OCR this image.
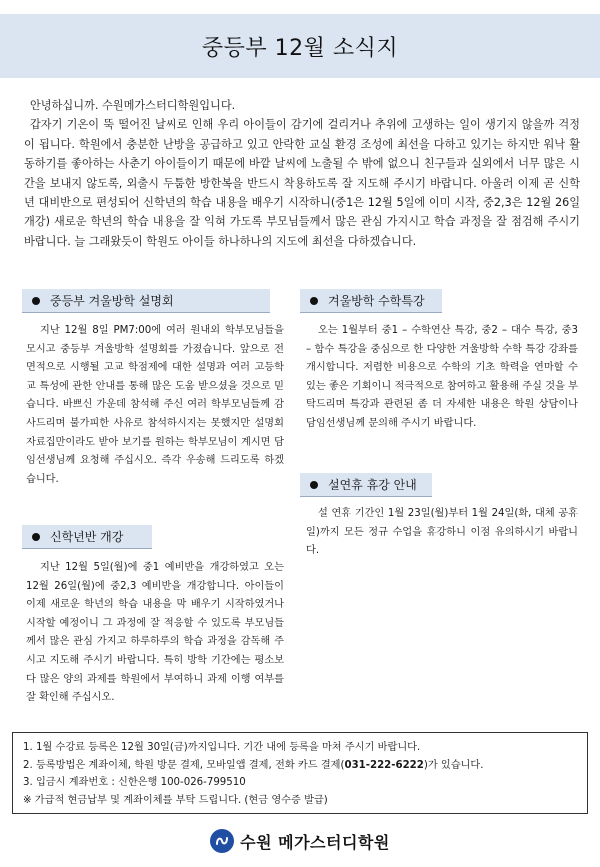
중등부 12월 소식지

안녕하십니까. 수원메가스터디학원입니다.

갑자기 기온이 뚝 떨어진 날씨로 인해 우리 아이들이 감기에 걸리거나 추위에 고생하는 일이 생기지 않을까 걱정이 됩니다. 학원에서 충분한 난방을 공급하고 있고 안락한 교실 환경 조성에 최선을 다하고 있기는 하지만 워낙 활동하기를 좋아하는 사춘기 아이들이기 때문에 바깥 날씨에 노출될 수 밖에 없으니 친구들과 실외에서 너무 많은 시간을 보내지 않도록, 외출시 두툼한 방한복을 반드시 착용하도록 잘 지도해 주시기 바랍니다. 아울러 이제 곧 신학년 대비반으로 편성되어 신학년의 학습 내용을 배우기 시작하니(중1은 12월 5일에 이미 시작, 중2,3은 12월 26일 개강) 새로운 학년의 학습 내용을 잘 익혀 가도록 부모님들께서 많은 관심 가지시고 학습 과정을 잘 점검해 주시기 바랍니다. 늘 그래왔듯이 학원도 아이들 하나하나의 지도에 최선을 다하겠습니다.

중등부 겨울방학 설명회
지난 12월 8일 PM7:00에 여러 원내외 학부모님들을 모시고 중등부 겨울방학 설명회를 가졌습니다. 앞으로 전면적으로 시행될 고교 학점제에 대한 설명과 여러 고등학교 특성에 관한 안내를 통해 많은 도움 받으셨을 것으로 믿습니다. 바쁘신 가운데 참석해 주신 여러 학부모님들께 감사드리며 불가피한 사유로 참석하시지는 못했지만 설명회 자료집만이라도 받아 보기를 원하는 학부모님이 계시면 담임선생님께 요청해 주십시오. 즉각 우송해 드리도록 하겠습니다.
신학년반 개강
지난 12월 5일(월)에 중1 예비반을 개강하였고 오는 12월 26일(월)에 중2,3 예비반을 개강합니다. 아이들이 이제 새로운 학년의 학습 내용을 막 배우기 시작하였거나 시작할 예정이니 그 과정에 잘 적응할 수 있도록 부모님들께서 많은 관심 가지고 하루하루의 학습 과정을 감독해 주시고 지도해 주시기 바랍니다. 특히 방학 기간에는 평소보다 많은 양의 과제를 학원에서 부여하니 과제 이행 여부를 잘 확인해 주십시오.
겨울방학 수학특강
오는 1월부터 중1 – 수학연산 특강, 중2 – 대수 특강, 중3 – 함수 특강을 중심으로 한 다양한 겨울방학 수학 특강 강좌를 개시합니다. 저렴한 비용으로 수학의 기초 학력을 연마할 수 있는 좋은 기회이니 적극적으로 참여하고 활용해 주실 것을 부탁드리며 특강과 관련된 좀 더 자세한 내용은 학원 상담이나 담임선생님께 문의해 주시기 바랍니다.
설연휴 휴강 안내
설 연휴 기간인 1월 23일(월)부터 1월 24일(화, 대체 공휴일)까지 모든 정규 수업을 휴강하니 이점 유의하시기 바랍니다.
1. 1월 수강료 등록은 12월 30일(금)까지입니다. 기간 내에 등록을 마쳐 주시기 바랍니다.
2. 등록방법은 계좌이체, 학원 방문 결제, 모바일앱 결제, 전화 카드 결제(031-222-6222)가 있습니다.
3. 입금시 계좌번호 : 신한은행 100-026-799510
※ 가급적 현금납부 및 계좌이체를 부탁 드립니다. (현금 영수증 발급)
수원 메가스터디학원
